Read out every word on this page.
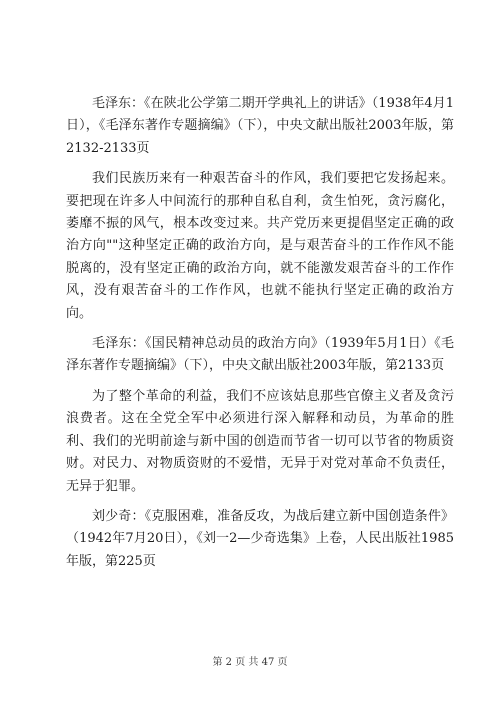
毛泽东：《在陕北公学第二期开学典礼上的讲话》（1938年4月1日），《毛泽东著作专题摘编》（下），中央文献出版社2003年版，第2132-2133页

我们民族历来有一种艰苦奋斗的作风，我们要把它发扬起来。要把现在许多人中间流行的那种自私自利，贪生怕死，贪污腐化，萎靡不振的风气，根本改变过来。共产党历来更提倡坚定正确的政治方向""这种坚定正确的政治方向，是与艰苦奋斗的工作作风不能脱离的，没有坚定正确的政治方向，就不能激发艰苦奋斗的工作作风，没有艰苦奋斗的工作作风，也就不能执行坚定正确的政治方向。

毛泽东：《国民精神总动员的政治方向》（1939年5月1日）《毛泽东著作专题摘编》（下），中央文献出版社2003年版，第2133页

为了整个革命的利益，我们不应该姑息那些官僚主义者及贪污浪费者。这在全党全军中必须进行深入解释和动员，为革命的胜利、我们的光明前途与新中国的创造而节省一切可以节省的物质资财。对民力、对物质资财的不爱惜，无异于对党对革命不负责任，无异于犯罪。

刘少奇：《克服困难，准备反攻，为战后建立新中国创造条件》（1942年7月20日），《刘一2—少奇选集》上卷，人民出版社1985年版，第225页

第 2 页 共 47 页
